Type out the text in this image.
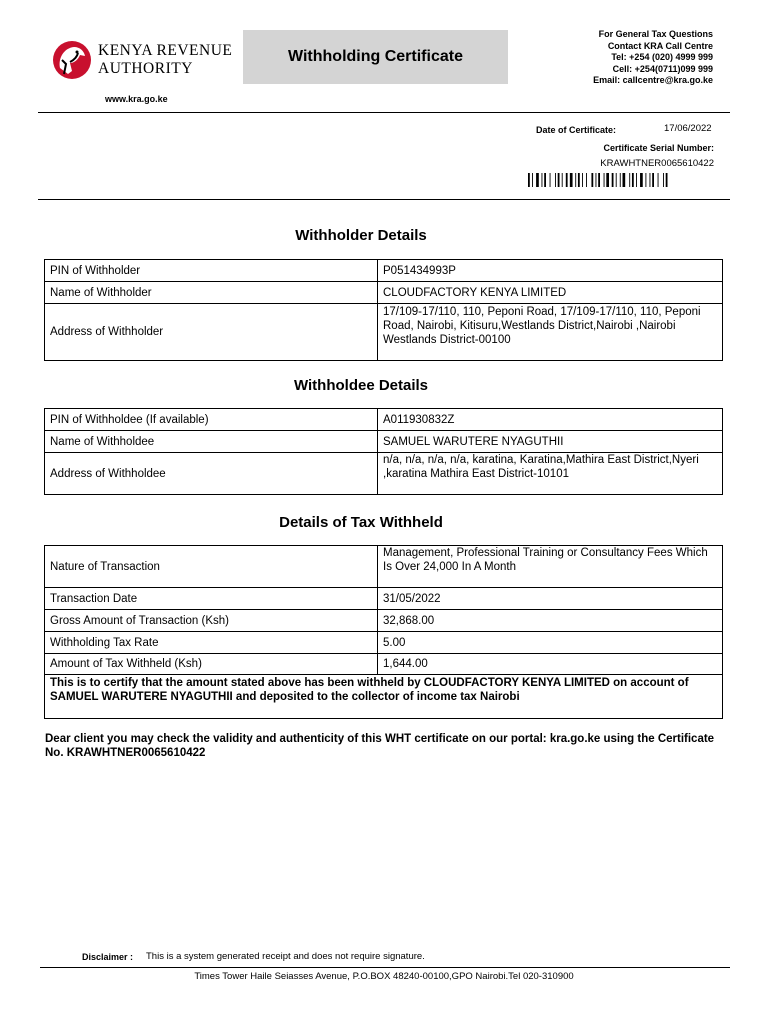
KENYA REVENUE
AUTHORITY
Withholding Certificate
www.kra.go.ke
For General Tax Questions
Contact KRA Call Centre
Tel: +254 (020) 4999 999
Cell: +254(0711)099 999
Email: callcentre@kra.go.ke
Date of Certificate:	17/06/2022
Certificate Serial Number:
KRAWHTNER0065610422
Withholder Details
PIN of Withholder	P051434993P
Name of Withholder	CLOUDFACTORY KENYA LIMITED
Address of Withholder	17/109-17/110, 110, Peponi Road, 17/109-17/110, 110, Peponi Road, Nairobi, Kitisuru,Westlands District,Nairobi ,Nairobi Westlands District-00100
Withholdee Details
PIN of Withholdee (If available)	A011930832Z
Name of Withholdee	SAMUEL WARUTERE NYAGUTHII
Address of Withholdee	n/a, n/a, n/a, n/a, karatina, Karatina,Mathira East District,Nyeri
,karatina Mathira East District-10101
Details of Tax Withheld
Nature of Transaction	Management, Professional Training or Consultancy Fees Which Is Over 24,000 In A Month
Transaction Date	31/05/2022
Gross Amount of Transaction (Ksh)	32,868.00
Withholding Tax Rate	5.00
Amount of Tax Withheld (Ksh)	1,644.00
This is to certify that the amount stated above has been withheld by CLOUDFACTORY KENYA LIMITED on account of SAMUEL WARUTERE NYAGUTHII and deposited to the collector of income tax Nairobi	
Dear client you may check the validity and authenticity of this WHT certificate on our portal: kra.go.ke using the Certificate No. KRAWHTNER0065610422
Disclaimer : This is a system generated receipt and does not require signature.
Times Tower Haile Seiasses Avenue, P.O.BOX 48240-00100,GPO Nairobi.Tel 020-310900
